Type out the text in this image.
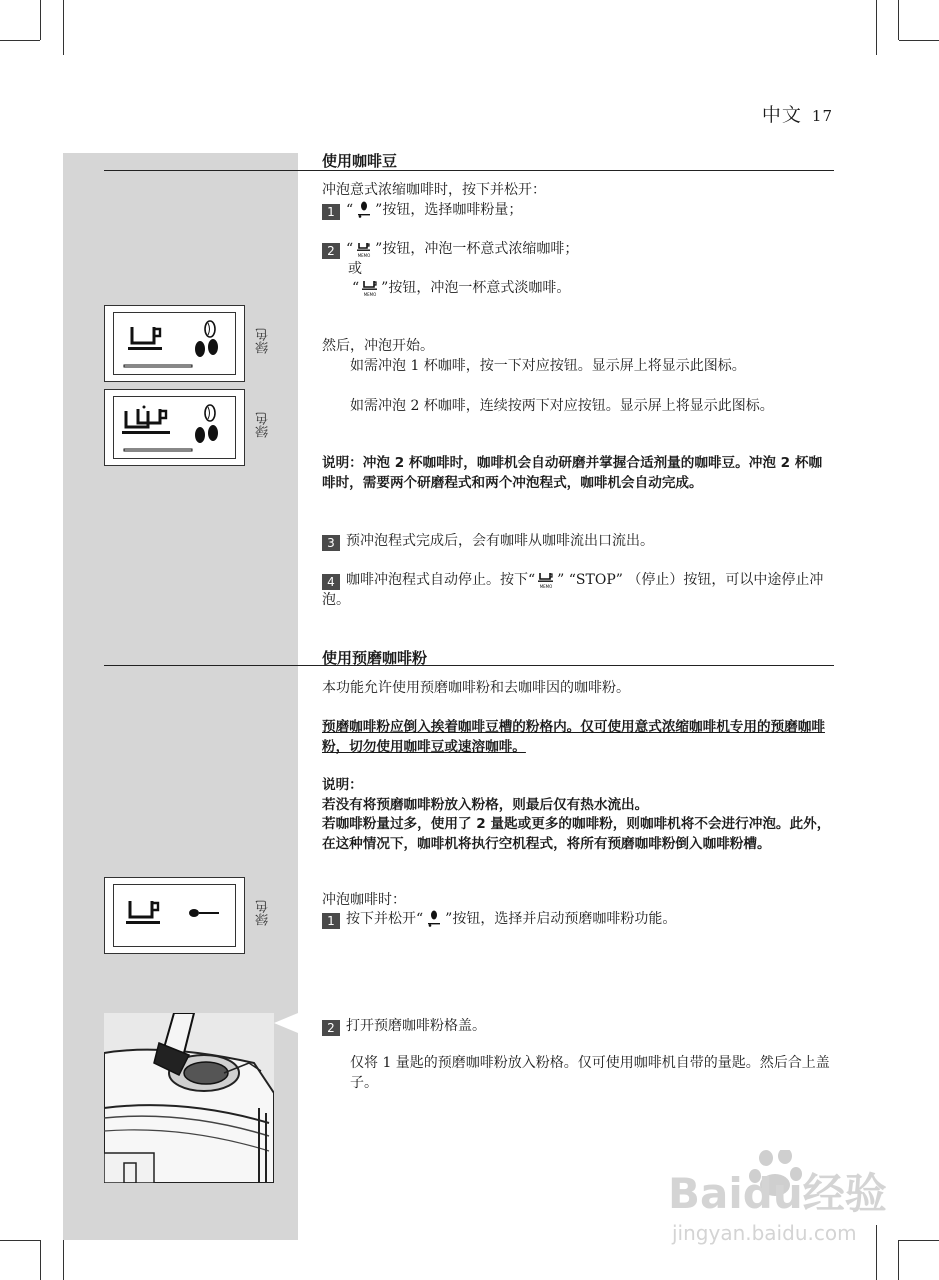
中文 17
使用咖啡豆
冲泡意式浓缩咖啡时，按下并松开：
1 “ ”按钮，选择咖啡粉量；
2 “ MEMO ”按钮，冲泡一杯意式浓缩咖啡；
或
“ MEMO ”按钮，冲泡一杯意式淡咖啡。
绿色	然后，冲泡开始。
如需冲泡 1 杯咖啡，按一下对应按钮。显示屏上将显示此图标。
绿色
如需冲泡 2 杯咖啡，连续按两下对应按钮。显示屏上将显示此图标。
说明：冲泡 2 杯咖啡时，咖啡机会自动研磨并掌握合适剂量的咖啡豆。冲泡 2 杯咖啡时，需要两个研磨程式和两个冲泡程式，咖啡机会自动完成。
3 预冲泡程式完成后，会有咖啡从咖啡流出口流出。
4 咖啡冲泡程式自动停止。按下“ MEMO ” “STOP” （停止）按钮，可以中途停止冲泡。
使用预磨咖啡粉
本功能允许使用预磨咖啡粉和去咖啡因的咖啡粉。
预磨咖啡粉应倒入挨着咖啡豆槽的粉格内。仅可使用意式浓缩咖啡机专用的预磨咖啡粉，切勿使用咖啡豆或速溶咖啡。
说明：
若没有将预磨咖啡粉放入粉格，则最后仅有热水流出。
若咖啡粉量过多，使用了 2 量匙或更多的咖啡粉，则咖啡机将不会进行冲泡。此外，在这种情况下，咖啡机将执行空机程式，将所有预磨咖啡粉倒入咖啡粉槽。
绿色	冲泡咖啡时：
1 按下并松开“ ”按钮，选择并启动预磨咖啡粉功能。
2 打开预磨咖啡粉格盖。
仅将 1 量匙的预磨咖啡粉放入粉格。仅可使用咖啡机自带的量匙。然后合上盖子。
Baidu经验
jingyan.baidu.com
